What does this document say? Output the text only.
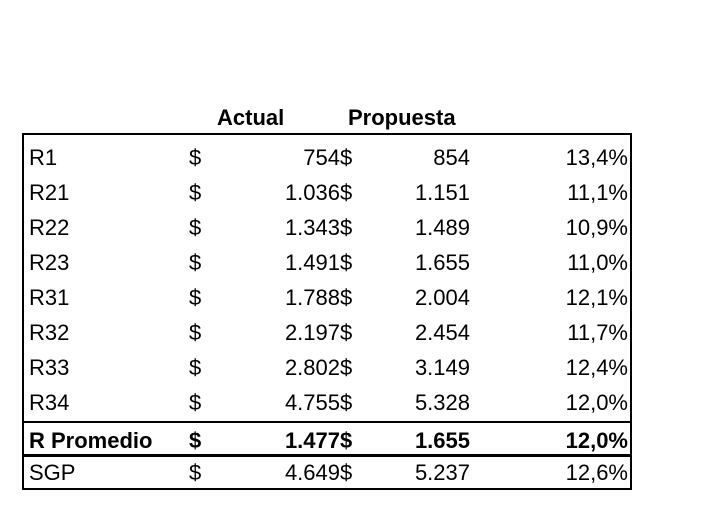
Actual	Propuesta
R1	$	754 $	854	13,4%
R21	$	1.036 $	1.151	11,1%
R22	$	1.343 $	1.489	10,9%
R23	$	1.491 $	1.655	11,0%
R31	$	1.788 $	2.004	12,1%
R32	$	2.197 $	2.454	11,7%
R33	$	2.802 $	3.149	12,4%
R34	$	4.755 $	5.328	12,0%
R Promedio $	1.477 $	1.655	12,0%
SGP	$	4.649 $	5.237	12,6%
